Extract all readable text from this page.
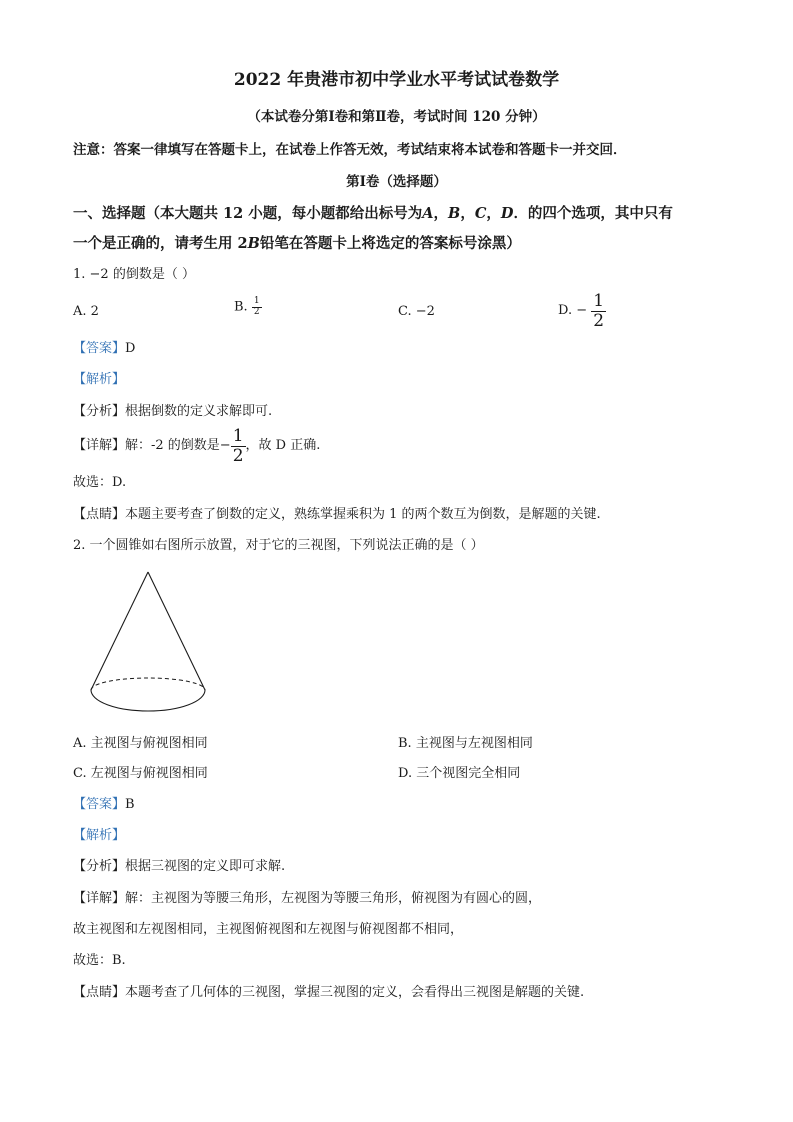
2022 年贵港市初中学业水平考试试卷数学
（本试卷分第Ⅰ卷和第Ⅱ卷，考试时间 120 分钟）
注意：答案一律填写在答题卡上，在试卷上作答无效，考试结束将本试卷和答题卡一并交回．
第Ⅰ卷（选择题）
一、选择题（本大题共 12 小题，每小题都给出标号为A，B，C，D．的四个选项，其中只有
一个是正确的，请考生用 2B铅笔在答题卡上将选定的答案标号涂黑）
1. −2 的倒数是（ ）
A. 2	B. $\frac{1}{2}$	C. −2	D. − $\frac{1}{2}$
【答案】D
【解析】
【分析】根据倒数的定义求解即可.
【详解】解：-2 的倒数是− $\frac{1}{2}$ ，故 D 正确.
故选：D.
【点睛】本题主要考查了倒数的定义，熟练掌握乘积为 1 的两个数互为倒数，是解题的关键.
2. 一个圆锥如右图所示放置，对于它的三视图，下列说法正确的是（ ）
A. 主视图与俯视图相同	B. 主视图与左视图相同
C. 左视图与俯视图相同	D. 三个视图完全相同
【答案】B
【解析】
【分析】根据三视图的定义即可求解.
【详解】解：主视图为等腰三角形，左视图为等腰三角形，俯视图为有圆心的圆，
故主视图和左视图相同，主视图俯视图和左视图与俯视图都不相同，
故选：B.
【点睛】本题考查了几何体的三视图，掌握三视图的定义，会看得出三视图是解题的关键.
